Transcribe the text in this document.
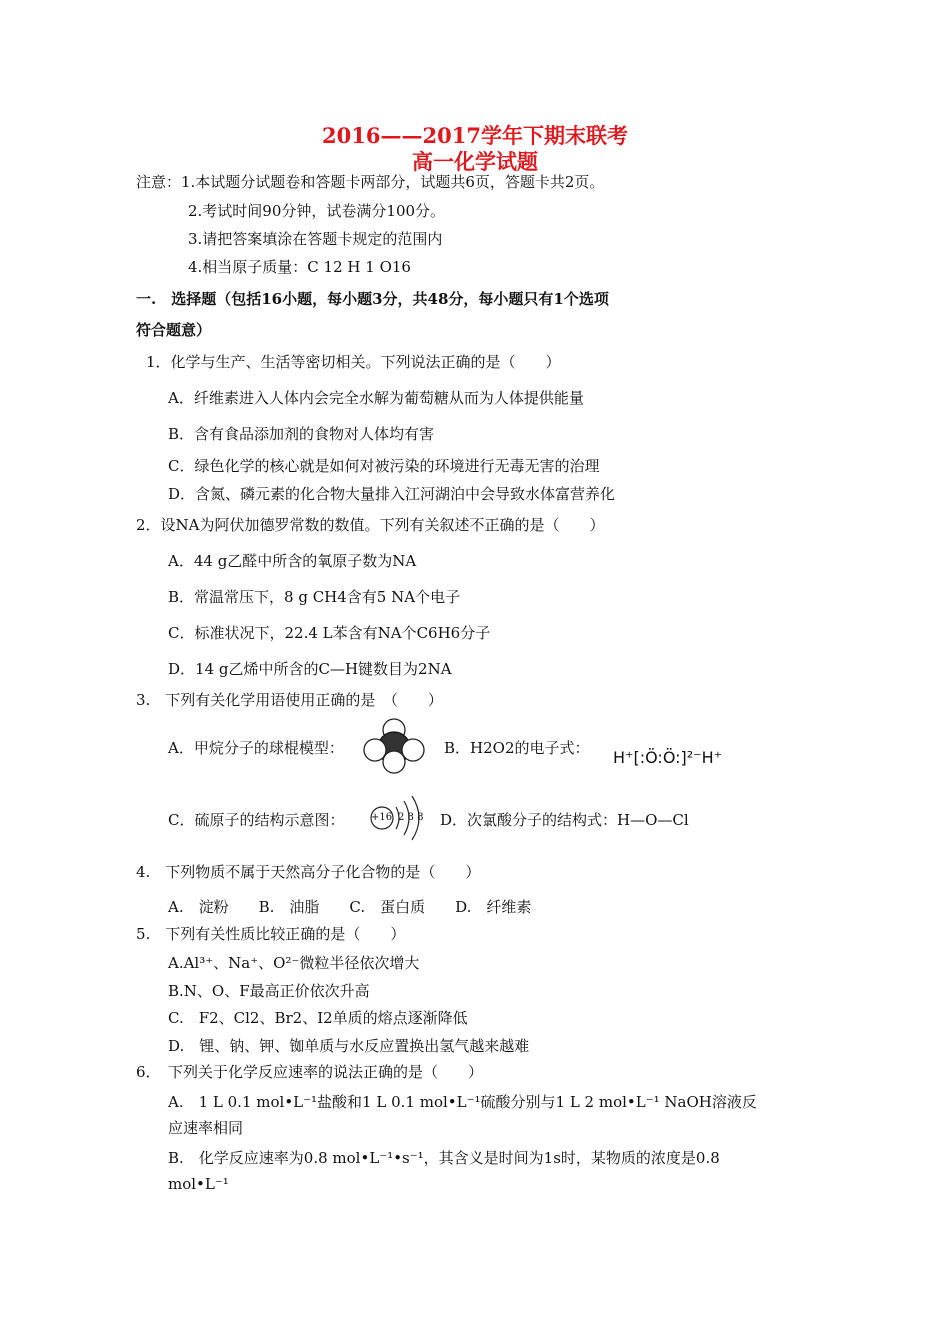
2016——2017学年下期末联考
高一化学试题
注意：1.本试题分试题卷和答题卡两部分，试题共6页，答题卡共2页。
2.考试时间90分钟，试卷满分100分。
3.请把答案填涂在答题卡规定的范围内
4.相当原子质量：C 12 H 1 O16
一.　选择题（包括16小题，每小题3分，共48分，每小题只有1个选项
符合题意）
1．化学与生产、生活等密切相关。下列说法正确的是（　　）
A．纤维素进入人体内会完全水解为葡萄糖从而为人体提供能量
B．含有食品添加剂的食物对人体均有害
C．绿色化学的核心就是如何对被污染的环境进行无毒无害的治理
D．含氮、磷元素的化合物大量排入江河湖泊中会导致水体富营养化
2．设NA为阿伏加德罗常数的数值。下列有关叙述不正确的是（　　）
A．44 g乙醛中所含的氧原子数为NA
B．常温常压下，8 g CH4含有5 NA个电子
C．标准状况下，22.4 L苯含有NA个C6H6分子
D．14 g乙烯中所含的C—H键数目为2NA
3.　下列有关化学用语使用正确的是　（　　）
A．甲烷分子的球棍模型：	B．H2O2的电子式： H⁺[:Ö:Ö:]²⁻H⁺
C．硫原子的结构示意图：	+16 2 8 8 D．次氯酸分子的结构式：H—O—Cl
4.　下列物质不属于天然高分子化合物的是（　　）
A.　淀粉　　B.　油脂　　C.　蛋白质　　D.　纤维素
5.　下列有关性质比较正确的是（　　）
A.Al³⁺、Na⁺、O²⁻微粒半径依次增大
B.N、O、F最高正价依次升高
C.　F2、Cl2、Br2、I2单质的熔点逐渐降低
D.　锂、钠、钾、铷单质与水反应置换出氢气越来越难
6．　下列关于化学反应速率的说法正确的是（　　）
A.　1 L 0.1 mol•L⁻¹盐酸和1 L 0.1 mol•L⁻¹硫酸分别与1 L 2 mol•L⁻¹ NaOH溶液反
应速率相同
B.　化学反应速率为0.8 mol•L⁻¹•s⁻¹，其含义是时间为1s时，某物质的浓度是0.8
mol•L⁻¹
